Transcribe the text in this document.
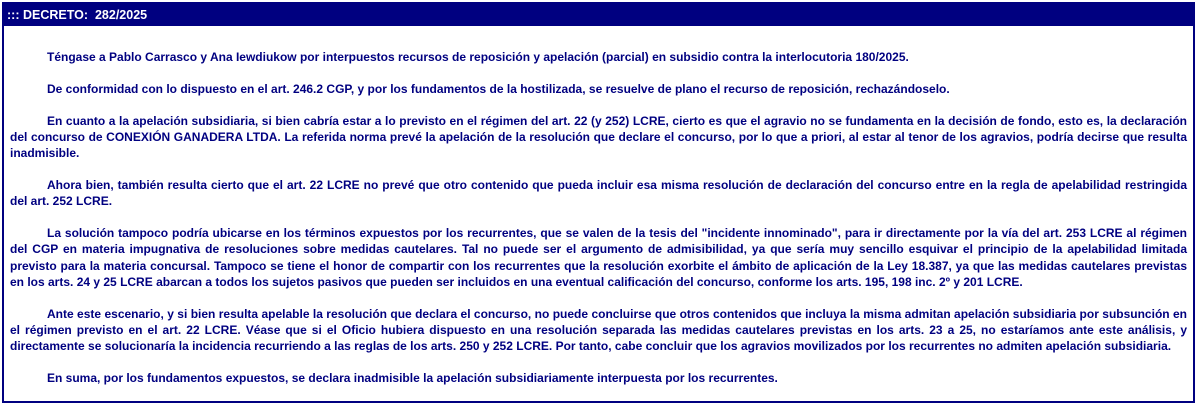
::: DECRETO: 282/2025

Téngase a Pablo Carrasco y Ana Iewdiukow por interpuestos recursos de reposición y apelación (parcial) en subsidio contra la interlocutoria 180/2025.

De conformidad con lo dispuesto en el art. 246.2 CGP, y por los fundamentos de la hostilizada, se resuelve de plano el recurso de reposición, rechazándoselo.

En cuanto a la apelación subsidiaria, si bien cabría estar a lo previsto en el régimen del art. 22 (y 252) LCRE, cierto es que el agravio no se fundamenta en la decisión de fondo, esto es, la declaración del concurso de CONEXIÓN GANADERA LTDA. La referida norma prevé la apelación de la resolución que declare el concurso, por lo que a priori, al estar al tenor de los agravios, podría decirse que resulta inadmisible.

Ahora bien, también resulta cierto que el art. 22 LCRE no prevé que otro contenido que pueda incluir esa misma resolución de declaración del concurso entre en la regla de apelabilidad restringida del art. 252 LCRE.

La solución tampoco podría ubicarse en los términos expuestos por los recurrentes, que se valen de la tesis del "incidente innominado", para ir directamente por la vía del art. 253 LCRE al régimen del CGP en materia impugnativa de resoluciones sobre medidas cautelares. Tal no puede ser el argumento de admisibilidad, ya que sería muy sencillo esquivar el principio de la apelabilidad limitada previsto para la materia concursal. Tampoco se tiene el honor de compartir con los recurrentes que la resolución exorbite el ámbito de aplicación de la Ley 18.387, ya que las medidas cautelares previstas en los arts. 24 y 25 LCRE abarcan a todos los sujetos pasivos que pueden ser incluidos en una eventual calificación del concurso, conforme los arts. 195, 198 inc. 2º y 201 LCRE.

Ante este escenario, y si bien resulta apelable la resolución que declara el concurso, no puede concluirse que otros contenidos que incluya la misma admitan apelación subsidiaria por subsunción en el régimen previsto en el art. 22 LCRE. Véase que si el Oficio hubiera dispuesto en una resolución separada las medidas cautelares previstas en los arts. 23 a 25, no estaríamos ante este análisis, y directamente se solucionaría la incidencia recurriendo a las reglas de los arts. 250 y 252 LCRE. Por tanto, cabe concluir que los agravios movilizados por los recurrentes no admiten apelación subsidiaria.

En suma, por los fundamentos expuestos, se declara inadmisible la apelación subsidiariamente interpuesta por los recurrentes.
